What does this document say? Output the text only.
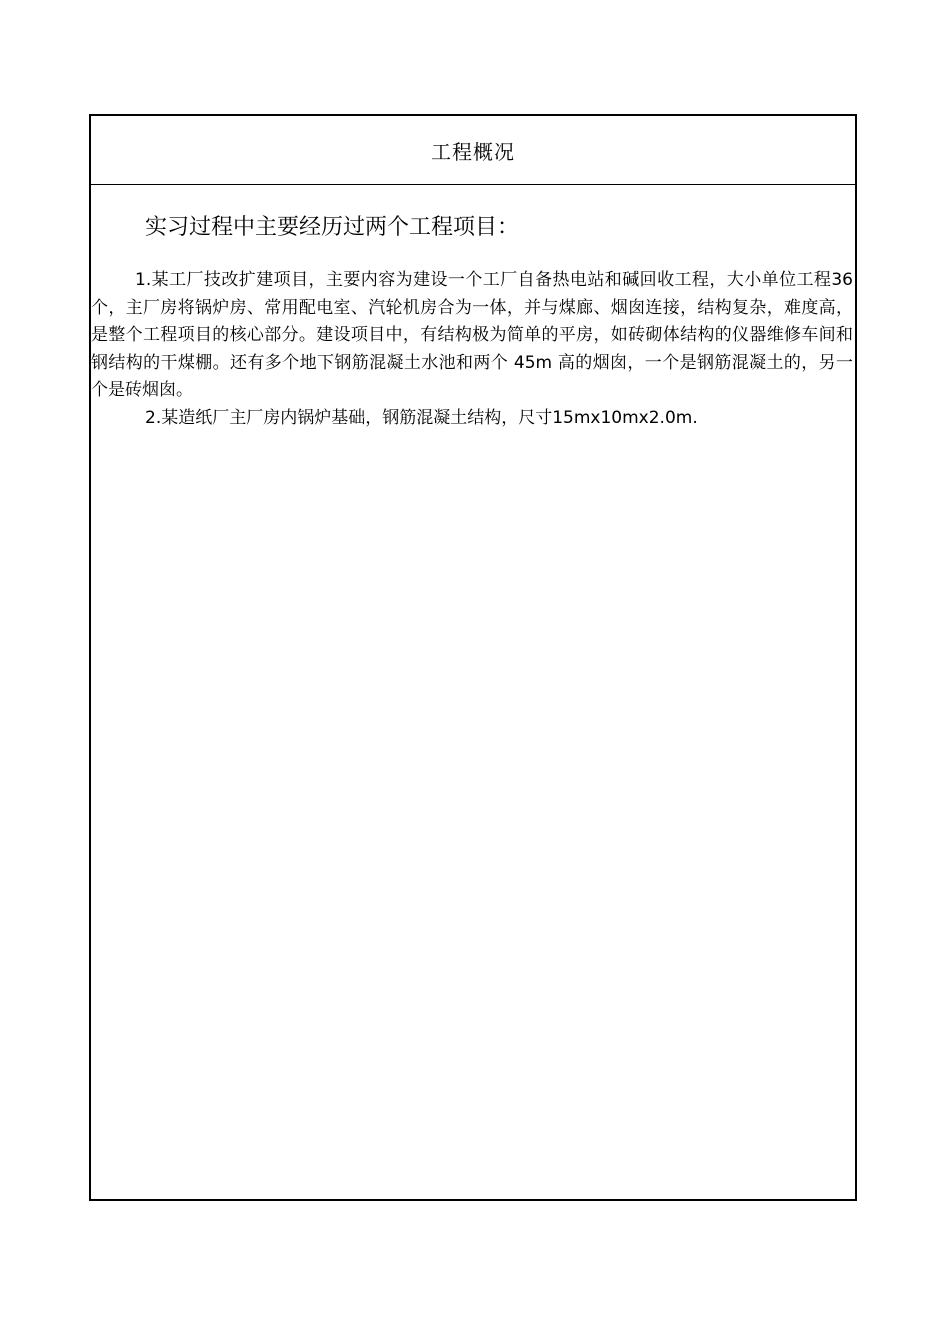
工程概况
实习过程中主要经历过两个工程项目：

1.某工厂技改扩建项目，主要内容为建设一个工厂自备热电站和碱回收工程，大小单位工程36个，主厂房将锅炉房、常用配电室、汽轮机房合为一体，并与煤廊、烟囱连接，结构复杂，难度高，是整个工程项目的核心部分。建设项目中，有结构极为简单的平房，如砖砌体结构的仪器维修车间和钢结构的干煤棚。还有多个地下钢筋混凝土水池和两个 45m 高的烟囱，一个是钢筋混凝土的，另一个是砖烟囱。

2.某造纸厂主厂房内锅炉基础，钢筋混凝土结构，尺寸15mx10mx2.0m.
